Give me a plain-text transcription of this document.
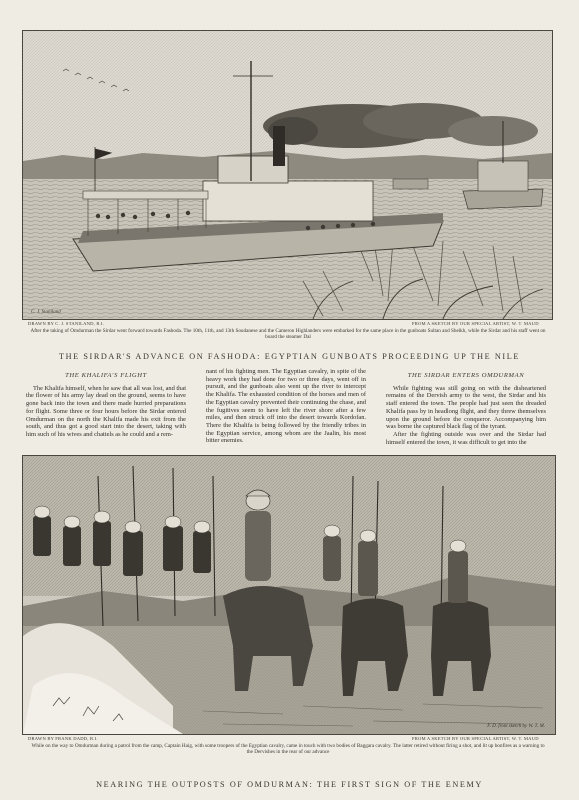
C. J. Staniland
DRAWN BY C. J. STANILAND, R.I.	FROM A SKETCH BY OUR SPECIAL ARTIST, W. T. MAUD
After the taking of Omdurman the Sirdar went forward towards Fashoda. The 10th, 11th, and 13th Soudanese and the Cameron Highlanders were embarked for the same place in the gunboats Sultan and Sheikh, while the Sirdar and his staff went on board the steamer Dal
THE SIRDAR'S ADVANCE ON FASHODA: EGYPTIAN GUNBOATS PROCEEDING UP THE NILE
THE KHALIFA'S FLIGHT

The Khalifa himself, when he saw that all was lost, and that the flower of his army lay dead on the ground, seems to have gone back into the town and there made hurried preparations for flight. Some three or four hours before the Sirdar entered Omdurman on the north the Khalifa made his exit from the south, and thus got a good start into the desert, taking with him such of his wives and chattels as he could and a rem-

nant of his fighting men. The Egyptian cavalry, in spite of the heavy work they had done for two or three days, went off in pursuit, and the gunboats also went up the river to intercept the Khalifa. The exhausted condition of the horses and men of the Egyptian cavalry prevented their continuing the chase, and the fugitives seem to have left the river shore after a few miles, and then struck off into the desert towards Kordofan. There the Khalifa is being followed by the friendly tribes in the Egyptian service, among whom are the Jaalin, his most bitter enemies.

THE SIRDAR ENTERS OMDURMAN

While fighting was still going on with the disheartened remains of the Dervish army to the west, the Sirdar and his staff entered the town. The people had just seen the dreaded Khalifa pass by in headlong flight, and they threw themselves upon the ground before the conqueror. Accompanying him was borne the captured black flag of the tyrant.

After the fighting outside was over and the Sirdar had himself entered the town, it was difficult to get into the

F. D. from sketch by W. T. M.
DRAWN BY FRANK DADD, R.I.	FROM A SKETCH BY OUR SPECIAL ARTIST, W. T. MAUD
While on the way to Omdurman during a patrol from the camp, Captain Haig, with some troopers of the Egyptian cavalry, came in touch with two bodies of Baggara cavalry. The latter retired without firing a shot, and lit up bonfires as a warning to the Dervishes in the rear of our advance
NEARING THE OUTPOSTS OF OMDURMAN: THE FIRST SIGN OF THE ENEMY
